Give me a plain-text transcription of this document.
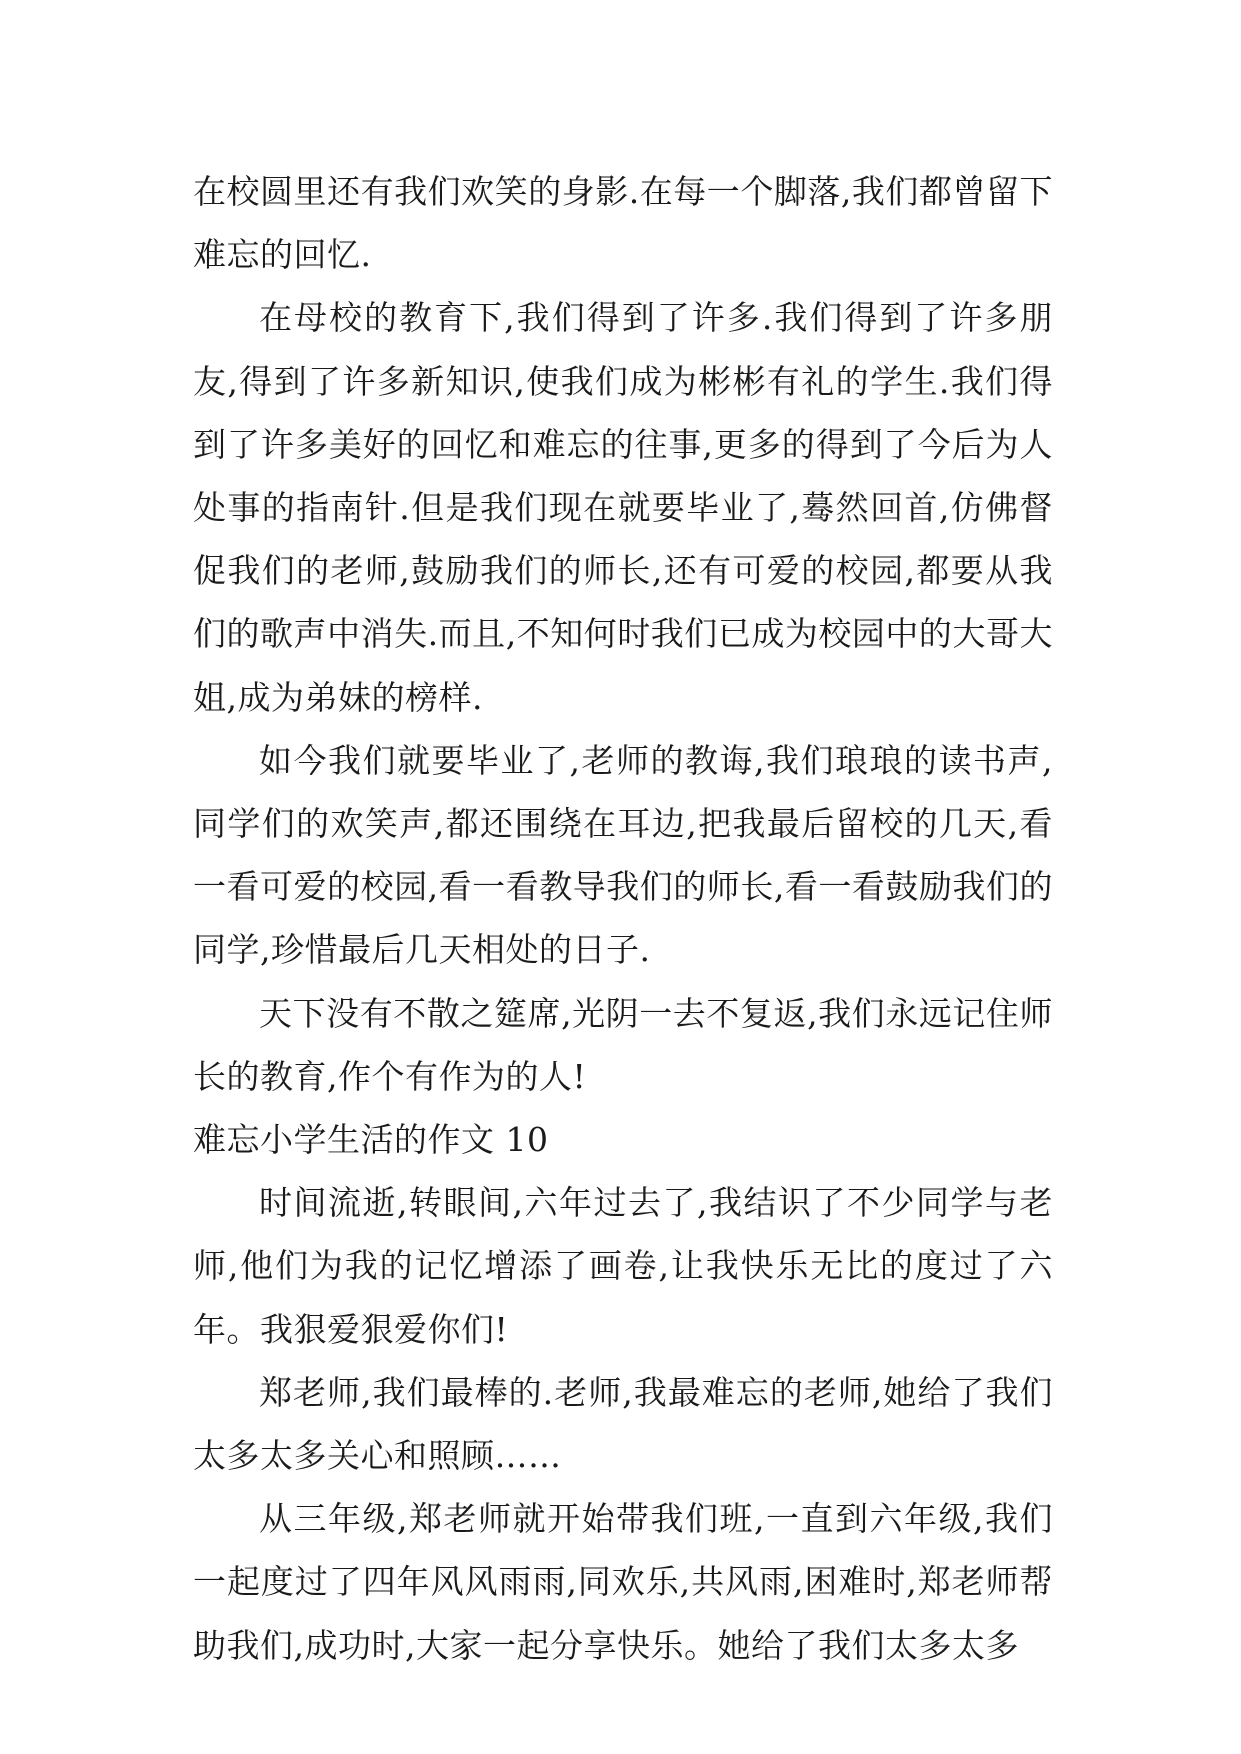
在校圆里还有我们欢笑的身影.在每一个脚落,我们都曾留下难忘的回忆.

在母校的教育下,我们得到了许多.我们得到了许多朋友,得到了许多新知识,使我们成为彬彬有礼的学生.我们得到了许多美好的回忆和难忘的往事,更多的得到了今后为人处事的指南针.但是我们现在就要毕业了,蓦然回首,仿佛督促我们的老师,鼓励我们的师长,还有可爱的校园,都要从我们的歌声中消失.而且,不知何时我们已成为校园中的大哥大姐,成为弟妹的榜样.

如今我们就要毕业了,老师的教诲,我们琅琅的读书声,同学们的欢笑声,都还围绕在耳边,把我最后留校的几天,看一看可爱的校园,看一看教导我们的师长,看一看鼓励我们的同学,珍惜最后几天相处的日子.

天下没有不散之筵席,光阴一去不复返,我们永远记住师长的教育,作个有作为的人!

难忘小学生活的作文 10

时间流逝,转眼间,六年过去了,我结识了不少同学与老师,他们为我的记忆增添了画卷,让我快乐无比的度过了六年。我狠爱狠爱你们!

郑老师,我们最棒的.老师,我最难忘的老师,她给了我们太多太多关心和照顾……

从三年级,郑老师就开始带我们班,一直到六年级,我们一起度过了四年风风雨雨,同欢乐,共风雨,困难时,郑老师帮助我们,成功时,大家一起分享快乐。她给了我们太多太多
